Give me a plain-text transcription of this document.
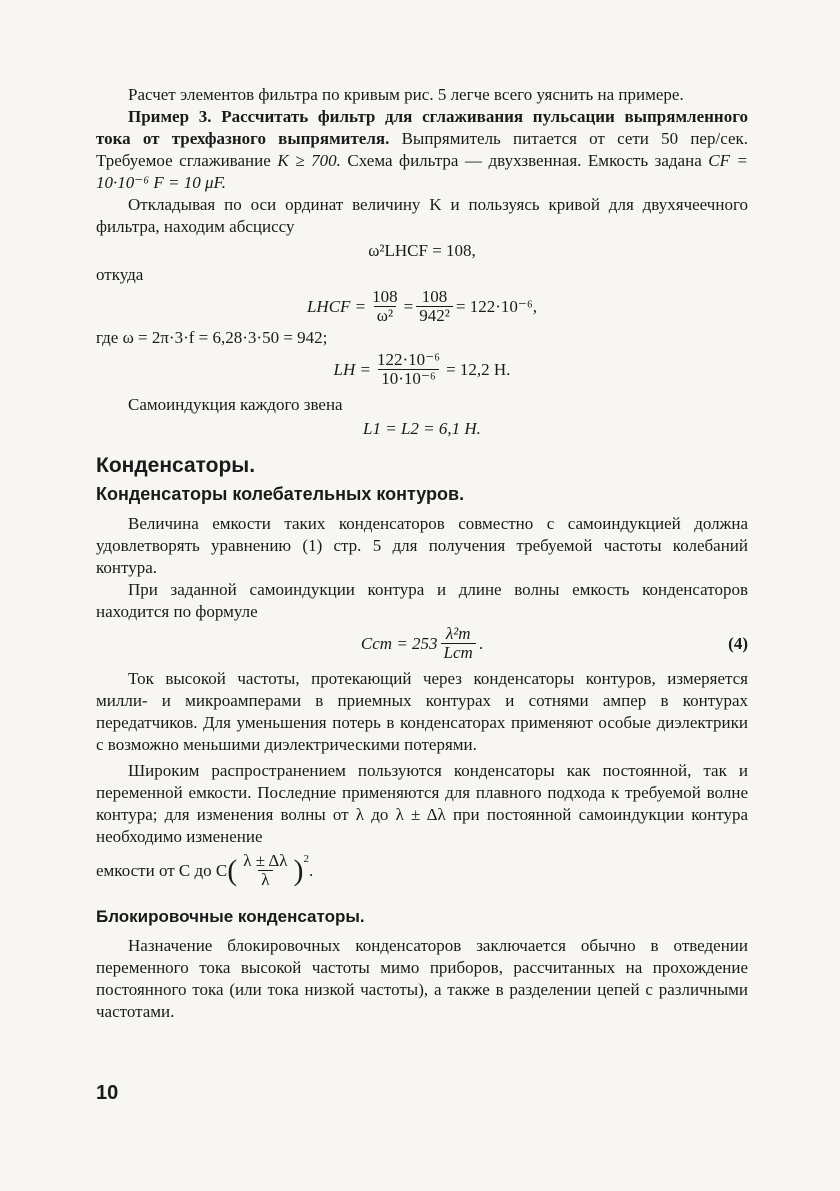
Расчет элементов фильтра по кривым рис. 5 легче всего уяснить на примере.

Пример 3. Рассчитать фильтр для сглаживания пульсации выпрямленного тока от трехфазного выпрямителя. Выпрямитель питается от сети 50 пер/сек. Требуемое сглаживание K ≥ 700. Схема фильтра — двухзвенная. Емкость задана CF = 10·10⁻⁶ F = 10 μF.

Откладывая по оси ординат величину K и пользуясь кривой для двухячеечного фильтра, находим абсциссу

ω²LHCF = 108,

откуда

LHCF = $\frac{108}{\text{ω²}} = \frac{108}{\text{942²}} = 122\cdot 10^{-6}$,

где ω = 2π·3·f = 6,28·3·50 = 942;

LH = $\frac{\text{122·10⁻⁶}}{\text{10·10⁻⁶}} = 12,2$ H.

Самоиндукция каждого звена

L1 = L2 = 6,1 H.
Конденсаторы.
Конденсаторы колебательных контуров.

Величина емкости таких конденсаторов совместно с самоиндукцией должна удовлетворять уравнению (1) стр. 5 для получения требуемой частоты колебаний контура.

При заданной самоиндукции контура и длине волны емкость конденсаторов находится по формуле

Ccm = $253 \frac{\text{λ²m}}{\text{Lcm}}$ .	(4)

Ток высокой частоты, протекающий через конденсаторы контуров, измеряется милли- и микроамперами в приемных контурах и сотнями ампер в контурах передатчиков. Для уменьшения потерь в конденсаторах применяют особые диэлектрики с возможно меньшими диэлектрическими потерями.

Широким распространением пользуются конденсаторы как постоянной, так и переменной емкости. Последние применяются для плавного подхода к требуемой волне контура; для изменения волны от λ до λ ± Δλ при постоянной самоиндукции контура необходимо изменение

емкости от C до C ( $\frac{\lambda \pm \Delta\lambda}{\lambda} )^2$
.
Блокировочные конденсаторы.

Назначение блокировочных конденсаторов заключается обычно в отведении переменного тока высокой частоты мимо приборов, рассчитанных на прохождение постоянного тока (или тока низкой частоты), а также в разделении цепей с различными частотами.

10
